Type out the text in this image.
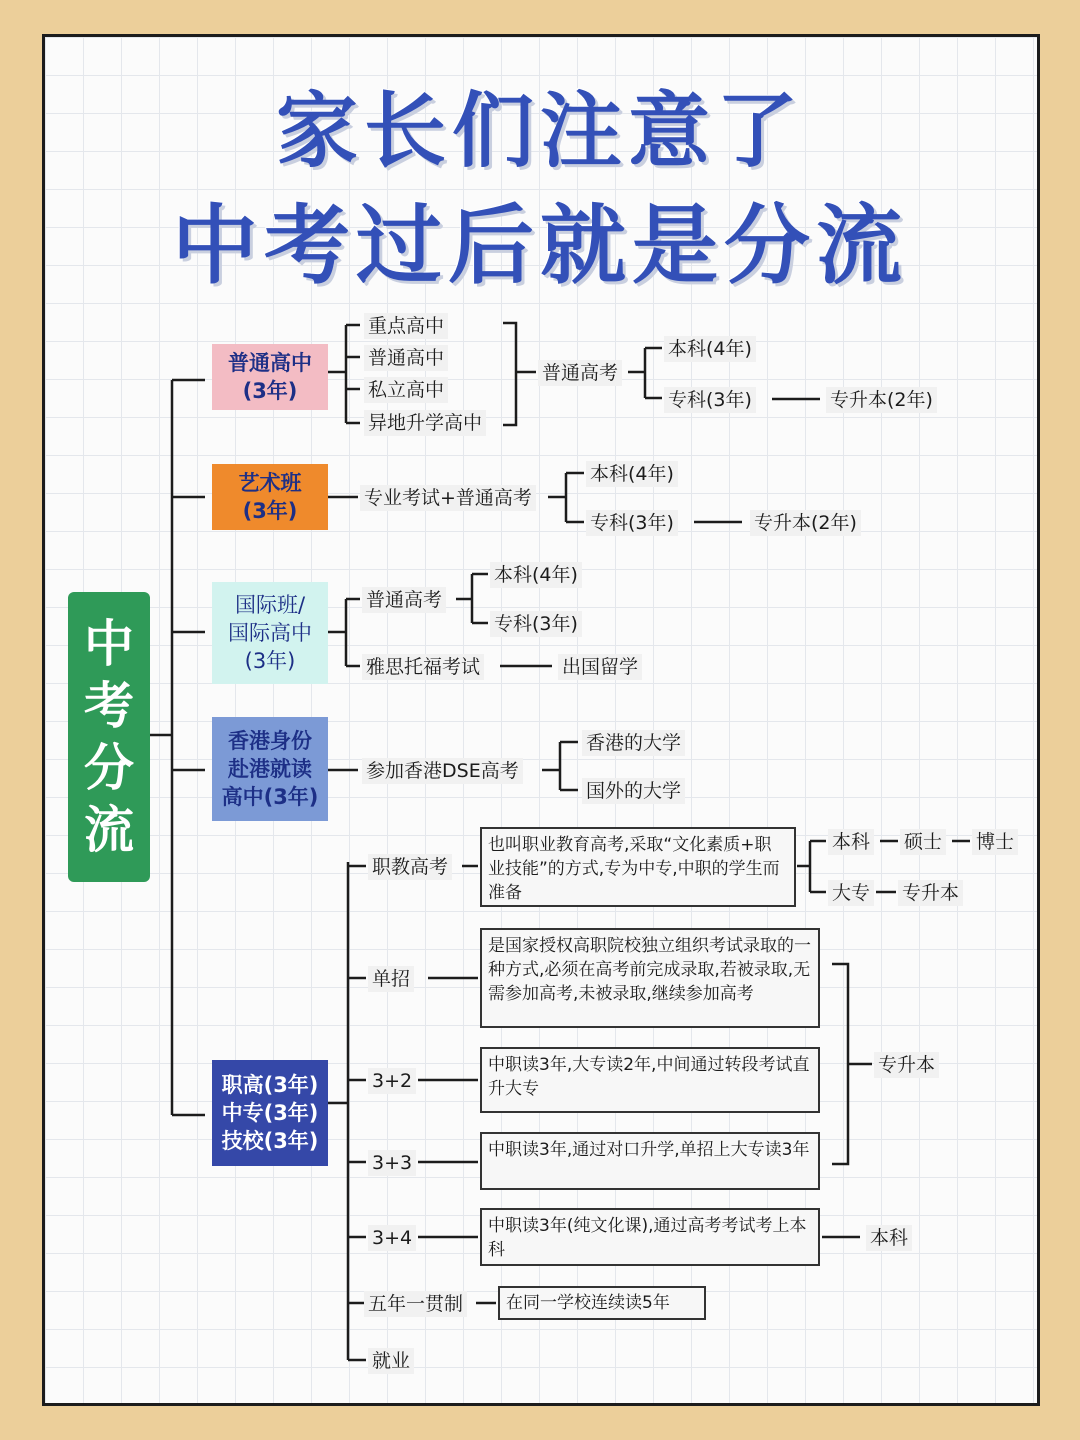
家长们注意了
中考过后就是分流
中
考
分
流
普通高中
(3年)
重点高中
普通高中
私立高中
异地升学高中
普通高考
本科(4年)
专科(3年)	专升本(2年)
艺术班
(3年)
专业考试+普通高考
本科(4年)
专科(3年)	专升本(2年)
国际班/
国际高中
(3年)
普通高考
本科(4年)
专科(3年)
雅思托福考试	出国留学
香港身份
赴港就读
高中(3年)
参加香港DSE高考
香港的大学
国外的大学
职高(3年)
中专(3年)
技校(3年)
职教高考
也叫职业教育高考,采取“文化素质+职业技能”的方式,专为中专,中职的学生而准备
本科 硕士 博士
大专 专升本
单招
是国家授权高职院校独立组织考试录取的一种方式,必须在高考前完成录取,若被录取,无需参加高考,未被录取,继续参加高考
3+2
中职读3年,大专读2年,中间通过转段考试直升大专
3+3
中职读3年,通过对口升学,单招上大专读3年
专升本
3+4
中职读3年(纯文化课),通过高考考试考上本科
本科
五年一贯制	在同一学校连续读5年
就业
